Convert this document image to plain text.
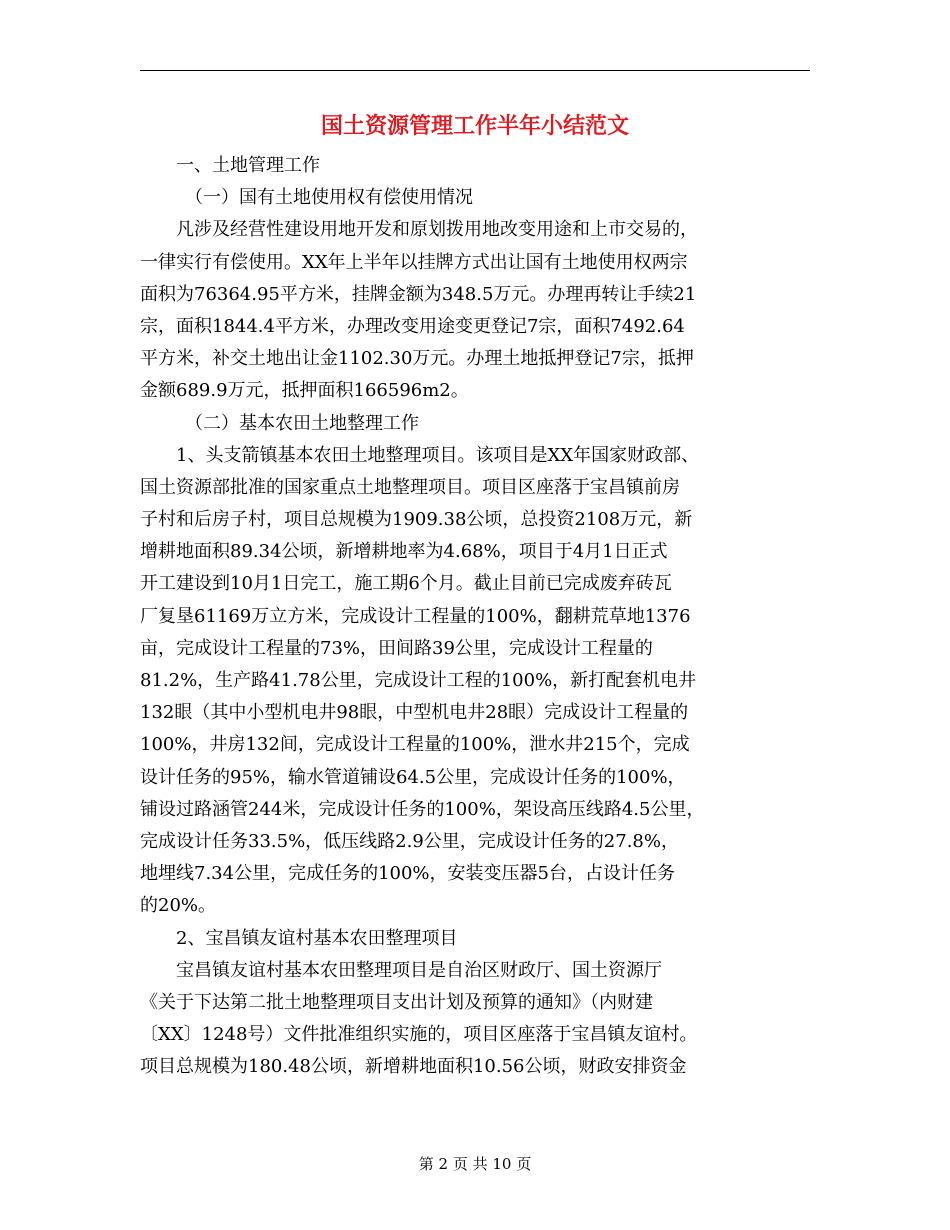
国土资源管理工作半年小结范文
一、土地管理工作
（一）国有土地使用权有偿使用情况
凡涉及经营性建设用地开发和原划拨用地改变用途和上市交易的，
一律实行有偿使用。XX年上半年以挂牌方式出让国有土地使用权两宗
面积为76364.95平方米，挂牌金额为348.5万元。办理再转让手续21
宗，面积1844.4平方米，办理改变用途变更登记7宗，面积7492.64
平方米，补交土地出让金1102.30万元。办理土地抵押登记7宗，抵押
金额689.9万元，抵押面积166596m2。
（二）基本农田土地整理工作
1、头支箭镇基本农田土地整理项目。该项目是XX年国家财政部、
国土资源部批准的国家重点土地整理项目。项目区座落于宝昌镇前房
子村和后房子村，项目总规模为1909.38公顷，总投资2108万元，新
增耕地面积89.34公顷，新增耕地率为4.68%，项目于4月1日正式
开工建设到10月1日完工，施工期6个月。截止目前已完成废弃砖瓦
厂复垦61169万立方米，完成设计工程量的100%，翻耕荒草地1376
亩，完成设计工程量的73%，田间路39公里，完成设计工程量的
81.2%，生产路41.78公里，完成设计工程的100%，新打配套机电井
132眼（其中小型机电井98眼，中型机电井28眼）完成设计工程量的
100%，井房132间，完成设计工程量的100%，泄水井215个，完成
设计任务的95%，输水管道铺设64.5公里，完成设计任务的100%，
铺设过路涵管244米，完成设计任务的100%，架设高压线路4.5公里，
完成设计任务33.5%，低压线路2.9公里，完成设计任务的27.8%，
地埋线7.34公里，完成任务的100%，安装变压器5台，占设计任务
的20%。
2、宝昌镇友谊村基本农田整理项目
宝昌镇友谊村基本农田整理项目是自治区财政厅、国土资源厅
《关于下达第二批土地整理项目支出计划及预算的通知》（内财建
〔XX〕1248号）文件批准组织实施的，项目区座落于宝昌镇友谊村。
项目总规模为180.48公顷，新增耕地面积10.56公顷，财政安排资金
第 2 页 共 10 页
